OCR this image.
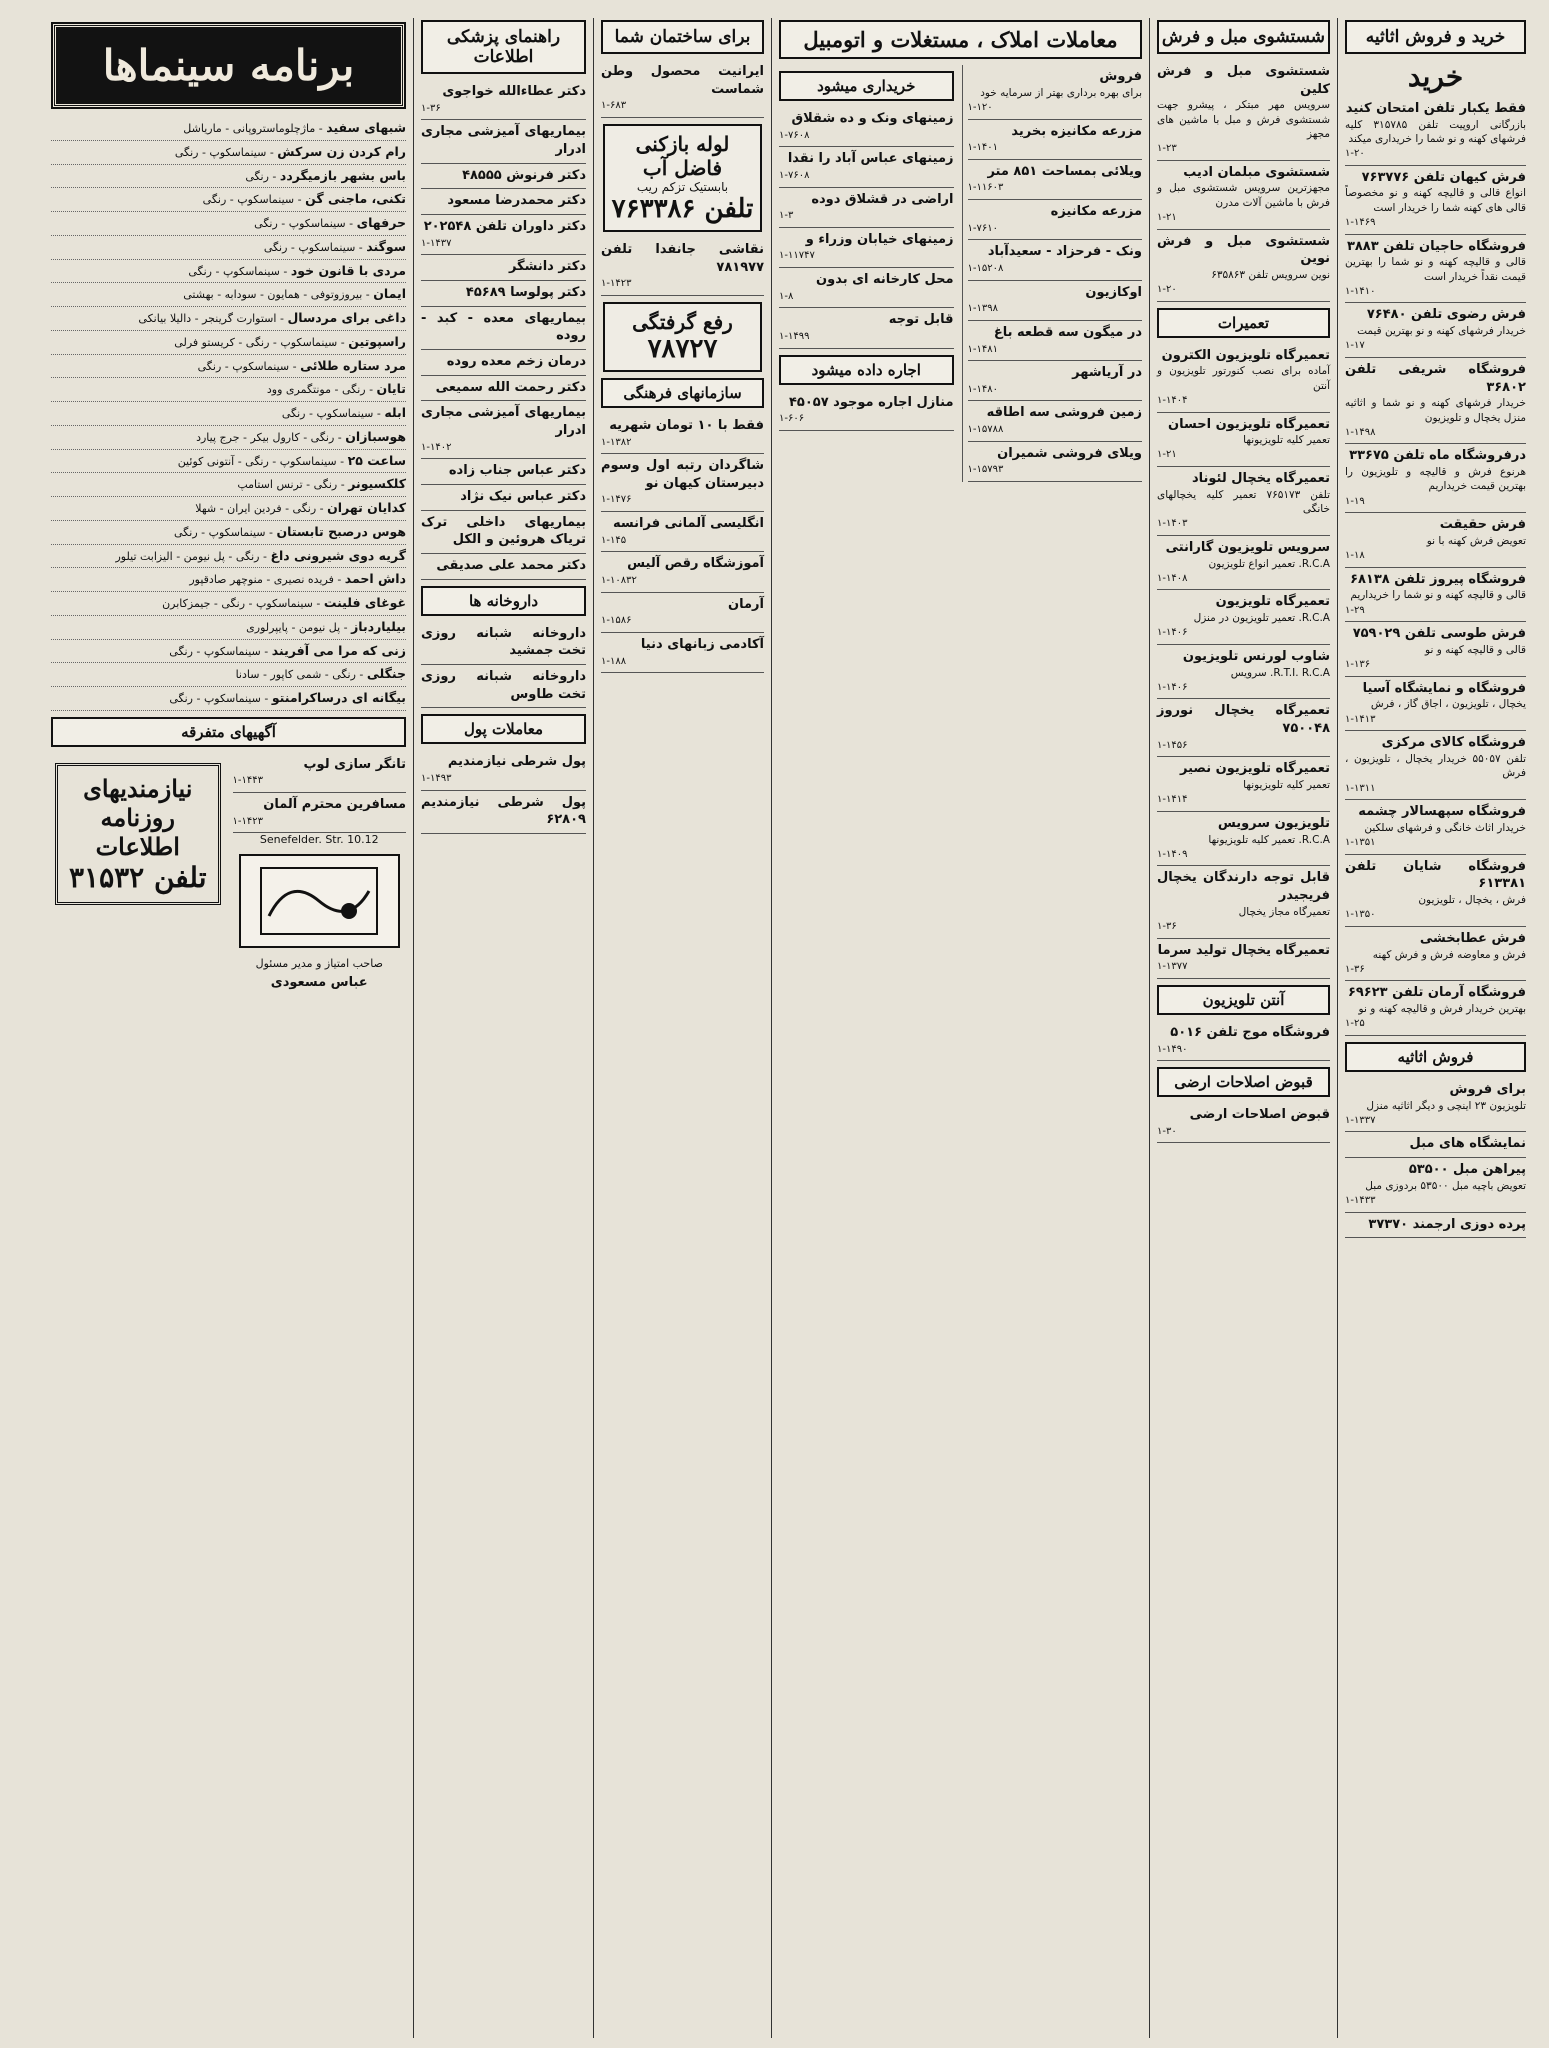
خرید و فروش اثاثیه
خرید
فقط یکبار تلفن امتحان کنید
بازرگانی اروپیت تلفن ۳۱۵۷۸۵ کلیه فرشهای کهنه و نو شما را خریداری میکند
۱-۲۰
فرش کیهان تلفن ۷۶۳۷۷۶
انواع قالی و قالیچه کهنه و نو مخصوصاً قالی های کهنه شما را خریدار است
۱-۱۴۶۹
فروشگاه حاجیان تلفن ۳۸۸۳
قالی و قالیچه کهنه و نو شما را بهترین قیمت نقداً خریدار است
۱-۱۴۱۰
فرش رضوی تلفن ۷۶۴۸۰
خریدار فرشهای کهنه و نو بهترین قیمت
۱-۱۷
فروشگاه شریفی تلفن ۳۶۸۰۲
خریدار فرشهای کهنه و نو شما و اثاثیه منزل یخچال و تلویزیون
۱-۱۴۹۸
درفروشگاه ماه تلفن ۳۳۶۷۵
هرنوع فرش و قالیچه و تلویزیون را بهترین قیمت خریداریم
۱-۱۹
فرش حقیقت
تعویض فرش کهنه با نو
۱-۱۸
فروشگاه پیروز تلفن ۶۸۱۳۸
قالی و قالیچه کهنه و نو شما را خریداریم
۱-۲۹
فرش طوسی تلفن ۷۵۹۰۲۹
قالی و قالیچه کهنه و نو
۱-۱۳۶
فروشگاه و نمایشگاه آسیا
یخچال ، تلویزیون ، اجاق گاز ، فرش
۱-۱۴۱۳
فروشگاه کالای مرکزی
تلفن ۵۵۰۵۷ خریدار یخچال ، تلویزیون ، فرش
۱-۱۳۱۱
فروشگاه سپهسالار چشمه
خریدار اثاث خانگی و فرشهای سلکین
۱-۱۳۵۱
فروشگاه شایان تلفن ۶۱۳۳۸۱
فرش ، یخچال ، تلویزیون
۱-۱۳۵۰
فرش عطابخشی
فرش و معاوضه فرش و فرش کهنه
۱-۳۶
فروشگاه آرمان تلفن ۶۹۶۲۳
بهترین خریدار فرش و قالیچه کهنه و نو
۱-۲۵
فروش اثاثیه
برای فروش
تلویزیون ۲۳ اینچی و دیگر اثاثیه منزل
۱-۱۳۳۷
نمایشگاه های مبل
پیراهن مبل ۵۳۵۰۰
تعویض باچیه مبل ۵۳۵۰۰ بردوزی مبل
۱-۱۴۳۳
پرده دوزی ارجمند ۳۷۳۷۰
شستشوی مبل و فرش
شستشوی مبل و فرش کلین
سرویس مهر مبتکر ، پیشرو جهت شستشوی فرش و مبل با ماشین های مجهز
۱-۲۳
شستشوی مبلمان ادیب
مجهزترین سرویس شستشوی مبل و فرش با ماشین آلات مدرن
۱-۲۱
شستشوی مبل و فرش نوین
نوین سرویس تلفن ۶۳۵۸۶۳
۱-۲۰
تعمیرات
تعمیرگاه تلویزیون الکترون
آماده برای نصب کنورتور تلویزیون و آنتن
۱-۱۴۰۴
تعمیرگاه تلویزیون احسان
تعمیر کلیه تلویزیونها
۱-۲۱
تعمیرگاه یخچال لئوناد
تلفن ۷۶۵۱۷۳ تعمیر کلیه یخچالهای خانگی
۱-۱۴۰۳
سرویس تلویزیون گارانتی
R.C.A. تعمیر انواع تلویزیون
۱-۱۴۰۸
تعمیرگاه تلویزیون
R.C.A. تعمیر تلویزیون در منزل
۱-۱۴۰۶
شاوب لورنس تلویزیون
R.T.I. R.C.A. سرویس
۱-۱۴۰۶
تعمیرگاه یخچال نوروز ۷۵۰۰۴۸
۱-۱۴۵۶
تعمیرگاه تلویزیون نصیر
تعمیر کلیه تلویزیونها
۱-۱۴۱۴
تلویزیون سرویس
R.C.A. تعمیر کلیه تلویزیونها
۱-۱۴۰۹
قابل توجه دارندگان یخچال فریجیدر
تعمیرگاه مجاز یخچال
۱-۳۶
تعمیرگاه یخچال تولید سرما
۱-۱۳۷۷
آنتن تلویزیون
فروشگاه موج تلفن ۵۰۱۶
۱-۱۴۹۰
قبوض اصلاحات ارضی
قبوض اصلاحات ارضی
۱-۳۰
معاملات املاک ، مستغلات و اتومبیل
فروش
برای بهره برداری بهتر از سرمایه خود
۱-۱۲۰
مزرعه مکانیزه بخرید
۱-۱۴۰۱
ویلائی بمساحت ۸۵۱ متر
۱-۱۱۶۰۳
مزرعه مکانیزه
۱-۷۶۱۰
ونک - فرحزاد - سعیدآباد
۱-۱۵۲۰۸
اوکازیون
۱-۱۳۹۸
در میگون سه قطعه باغ
۱-۱۴۸۱
در آریاشهر
۱-۱۴۸۰
زمین فروشی سه اطاقه
۱-۱۵۷۸۸
ویلای فروشی شمیران
۱-۱۵۷۹۳
خریداری میشود
زمینهای ونک و ده شقلاق
۱-۷۶۰۸
زمینهای عباس آباد را نقدا
۱-۷۶۰۸
اراضی در قشلاق دوده
۱-۳
زمینهای خیابان وزراء و
۱-۱۱۷۴۷
محل کارخانه ای بدون
۱-۸
قابل توجه
۱-۱۴۹۹
اجاره داده میشود
منازل اجاره موجود ۴۵۰۵۷
۱-۶۰۶
برای ساختمان شما
ایرانیت محصول وطن شماست
۱-۶۸۳
لوله بازکنی فاضل آب
بابستیک تزکم ریب
تلفن ۷۶۳۳۸۶
نقاشی جانفدا تلفن ۷۸۱۹۷۷
۱-۱۴۲۳
رفع گرفتگی
۷۸۷۲۷
سازمانهای فرهنگی
فقط با ۱۰ تومان شهریه
۱-۱۳۸۲
شاگردان رتبه اول وسوم دبیرستان کیهان نو
۱-۱۴۷۶
انگلیسی آلمانی فرانسه
۱-۱۴۵
آموزشگاه رقص آلیس
۱-۱۰۸۳۲
آرمان
۱-۱۵۸۶
آکادمی زبانهای دنیا
۱-۱۸۸
راهنمای پزشکی اطلاعات
دکتر عطاءالله خواجوی
۱-۳۶
بیماریهای آمیزشی مجاری ادرار
دکتر فرنوش ۴۸۵۵۵
دکتر محمدرضا مسعود
دکتر داوران تلفن ۲۰۲۵۴۸
۱-۱۴۳۷
دکتر دانشگر
دکتر پولوسا ۴۵۶۸۹
بیماریهای معده - کبد - روده
درمان زخم معده روده
دکتر رحمت الله سمیعی
بیماریهای آمیزشی مجاری ادرار
۱-۱۴۰۲
دکتر عباس جناب زاده
دکتر عباس نیک نژاد
بیماریهای داخلی ترک تریاک هروئین و الکل
دکتر محمد علی صدیقی
داروخانه ها
داروخانه شبانه روزی تخت جمشید
داروخانه شبانه روزی تخت طاوس
معاملات پول
پول شرطی نیازمندیم
۱-۱۴۹۳
پول شرطی نیازمندیم ۶۲۸۰۹
برنامه سینماها
شبهای سفید - ماژچلوماستروپانی - ماریاشل
رام کردن زن سرکش - سینماسکوپ - رنگی
باس بشهر بازمیگردد - رنگی
تکنی، ماجنی گن - سینماسکوپ - رنگی
حرفهای - سینماسکوپ - رنگی
سوگند - سینماسکوپ - رنگی
مردی با قانون خود - سینماسکوپ - رنگی
ایمان - بیروزوتوفی - همایون - سودابه - بهشتی
داغی برای مردسال - استوارت گرینجر - دالیلا بیانکی
راسپوتین - سینماسکوپ - رنگی - کریستو فرلی
مرد ستاره طلائی - سینماسکوپ - رنگی
تایان - رنگی - مونتگمری وود
ابله - سینماسکوپ - رنگی
هوسبازان - رنگی - کارول بیکر - جرج پیارد
ساعت ۲۵ - سینماسکوپ - رنگی - آنتونی کوئین
کلکسیونر - رنگی - ترنس استامپ
کدایان تهران - رنگی - فردین ایران - شهلا
هوس درصبح تابستان - سینماسکوپ - رنگی
گریه دوی شیرونی داغ - رنگی - پل نیومن - الیزابت تیلور
داش احمد - فریده نصیری - منوچهر صادقپور
غوغای فلینت - سینماسکوپ - رنگی - جیمزکابرن
بیلیاردباز - پل نیومن - پایپرلوری
زنی که مرا می آفریند - سینماسکوپ - رنگی
جنگلی - رنگی - شمی کاپور - سادنا
بیگانه ای درساکرامنتو - سینماسکوپ - رنگی
آگهیهای متفرقه
تانگر سازی لوپ
۱-۱۴۴۳
مسافرین محترم آلمان
۱-۱۴۲۳
Senefelder. Str. 10.12
صاحب امتیاز و مدیر مسئول
عباس مسعودی
نیازمندیهای روزنامه اطلاعات
تلفن ۳۱۵۳۲
